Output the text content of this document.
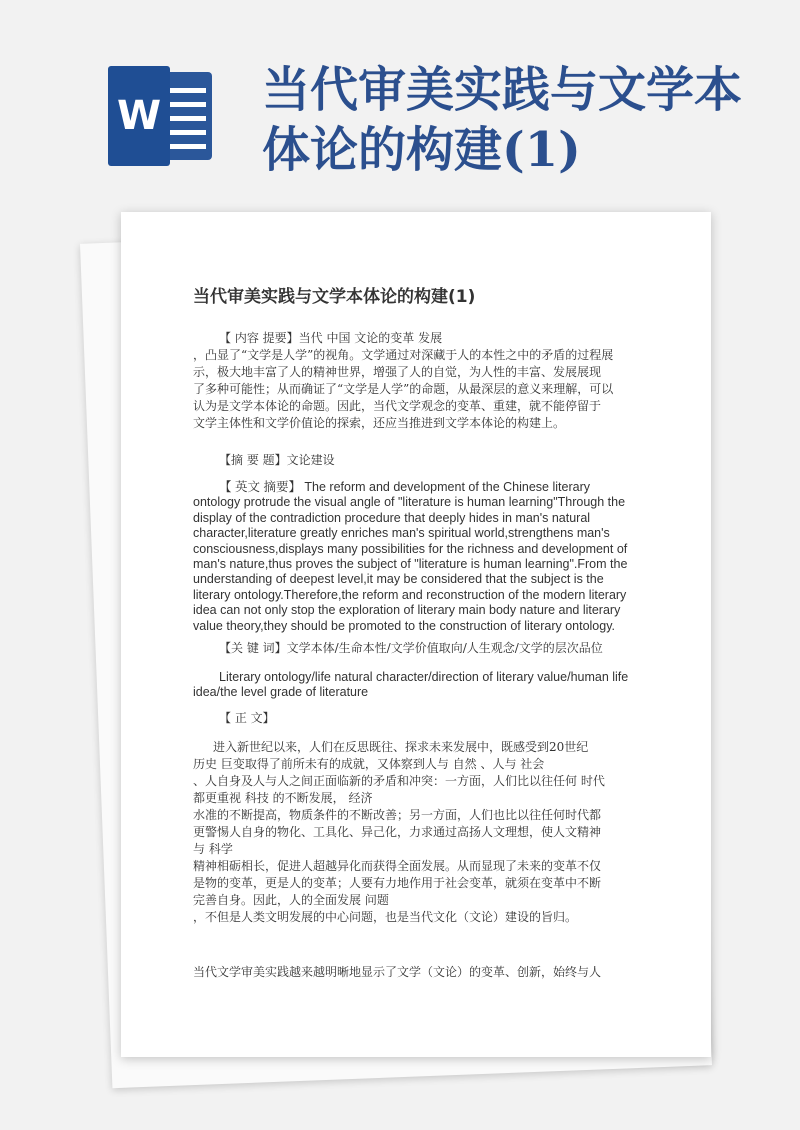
W 当代审美实践与文学本
体论的构建(1)
当代审美实践与文学本体论的构建(1)
【 内容 提要】当代 中国 文论的变革 发展
，凸显了“文学是人学”的视角。文学通过对深藏于人的本性之中的矛盾的过程展
示，极大地丰富了人的精神世界，增强了人的自觉，为人性的丰富、发展展现
了多种可能性；从而确证了“文学是人学”的命题，从最深层的意义来理解，可以
认为是文学本体论的命题。因此，当代文学观念的变革、重建，就不能停留于
文学主体性和文学价值论的探索，还应当推进到文学本体论的构建上。
【摘 要 题】文论建设
【 英文 摘要】 The reform and development of the Chinese literary
ontology protrude the visual angle of "literature is human learning"Through the
display of the contradiction procedure that deeply hides in man's natural
character,literature greatly enriches man's spiritual world,strengthens man's
consciousness,displays many possibilities for the richness and development of
man's nature,thus proves the subject of "literature is human learning".From the
understanding of deepest level,it may be considered that the subject is the
literary ontology.Therefore,the reform and reconstruction of the modern literary
idea can not only stop the exploration of literary main body nature and literary
value theory,they should be promoted to the construction of literary ontology.
【关 键 词】文学本体/生命本性/文学价值取向/人生观念/文学的层次品位
Literary ontology/life natural character/direction of literary value/human life
idea/the level grade of literature
【 正 文】
进入新世纪以来，人们在反思既往、探求未来发展中，既感受到20世纪
历史 巨变取得了前所未有的成就，又体察到人与 自然 、人与 社会
、人自身及人与人之间正面临新的矛盾和冲突：一方面，人们比以往任何 时代
都更重视 科技 的不断发展， 经济
水准的不断提高，物质条件的不断改善；另一方面，人们也比以往任何时代都
更警惕人自身的物化、工具化、异己化，力求通过高扬人文理想，使人文精神
与 科学
精神相砺相长，促进人超越异化而获得全面发展。从而显现了未来的变革不仅
是物的变革，更是人的变革；人要有力地作用于社会变革，就须在变革中不断
完善自身。因此，人的全面发展 问题
，不但是人类文明发展的中心问题，也是当代文化（文论）建设的旨归。
当代文学审美实践越来越明晰地显示了文学（文论）的变革、创新，始终与人
